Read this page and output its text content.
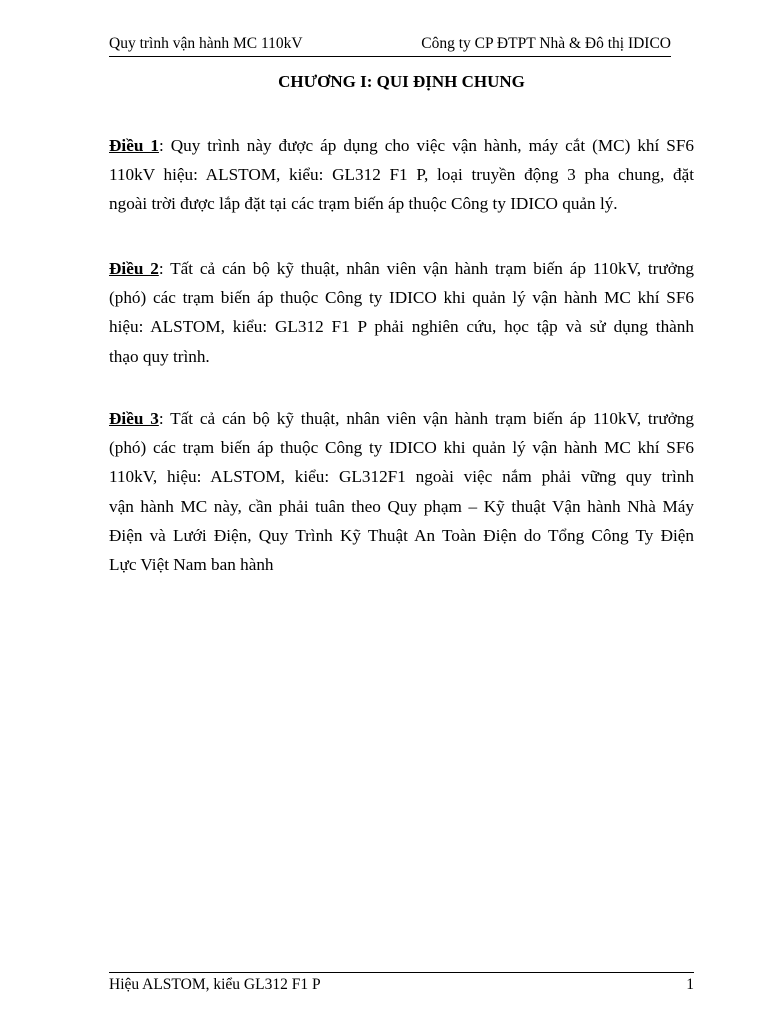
Quy trình vận hành MC 110kV	Công ty CP ĐTPT Nhà & Đô thị IDICO
CHƯƠNG I: QUI ĐỊNH CHUNG
Điều 1: Quy trình này được áp dụng cho việc vận hành, máy cắt (MC) khí SF6
110kV hiệu: ALSTOM, kiểu: GL312 F1 P, loại truyền động 3 pha chung, đặt
ngoài trời được lắp đặt tại các trạm biến áp thuộc Công ty IDICO quản lý.
Điều 2: Tất cả cán bộ kỹ thuật, nhân viên vận hành trạm biến áp 110kV, trưởng
(phó) các trạm biến áp thuộc Công ty IDICO khi quản lý vận hành MC khí SF6
hiệu: ALSTOM, kiểu: GL312 F1 P phải nghiên cứu, học tập và sử dụng thành
thạo quy trình.
Điều 3: Tất cả cán bộ kỹ thuật, nhân viên vận hành trạm biến áp 110kV, trưởng
(phó) các trạm biến áp thuộc Công ty IDICO khi quản lý vận hành MC khí SF6
110kV, hiệu: ALSTOM, kiểu: GL312F1 ngoài việc nắm phải vững quy trình
vận hành MC này, cần phải tuân theo Quy phạm – Kỹ thuật Vận hành Nhà Máy
Điện và Lưới Điện, Quy Trình Kỹ Thuật An Toàn Điện do Tổng Công Ty Điện
Lực Việt Nam ban hành
Hiệu ALSTOM, kiểu GL312 F1 P	1
